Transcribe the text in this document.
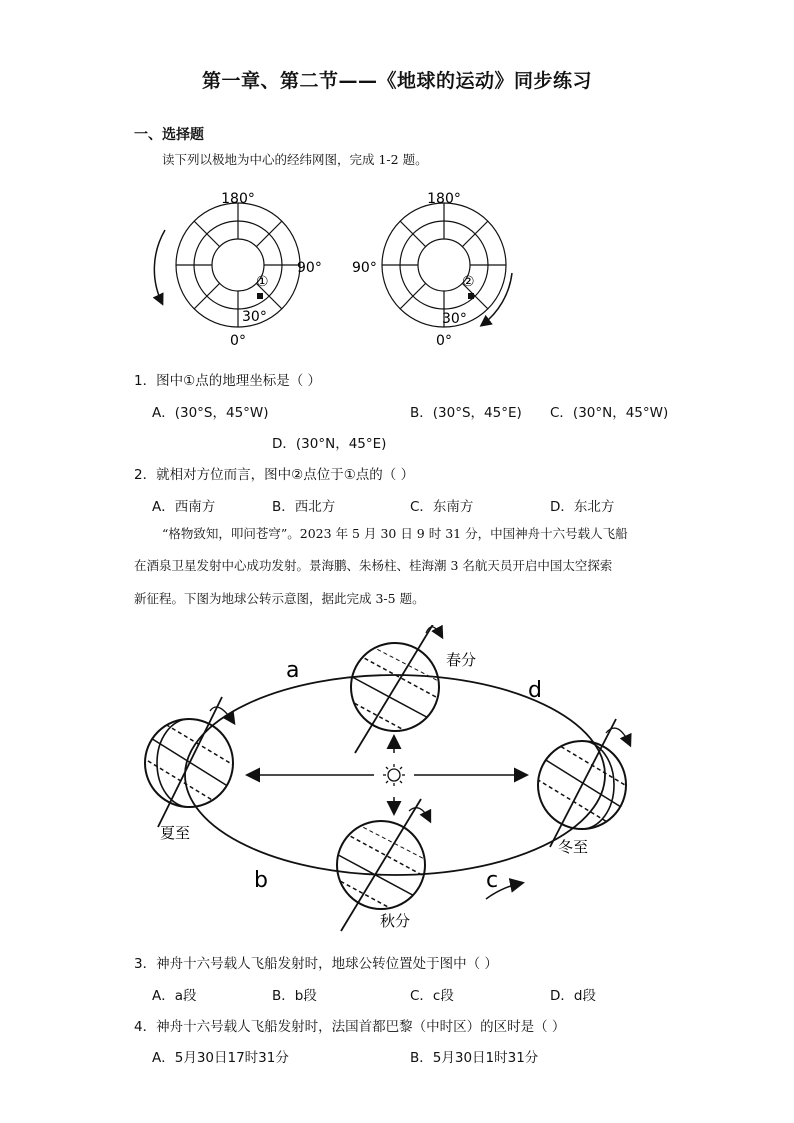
第一章、第二节——《地球的运动》同步练习
一、选择题
读下列以极地为中心的经纬网图，完成 1-2 题。
180°
0°
90°
30°
①
180°
0°
90°
30°
②
1．图中①点的地理坐标是（ ）
A．(30°S，45°W)	B．(30°S，45°E) C．(30°N，45°W)
D．(30°N，45°E)
2．就相对方位而言，图中②点位于①点的（ ）
A．西南方	B．西北方	C．东南方	D．东北方
“格物致知，叩问苍穹”。2023 年 5 月 30 日 9 时 31 分，中国神舟十六号载人飞船
在酒泉卫星发射中心成功发射。景海鹏、朱杨柱、桂海潮 3 名航天员开启中国太空探索
新征程。下图为地球公转示意图，据此完成 3-5 题。
a
b	c
d
春分
夏至
秋分
冬至
3．神舟十六号载人飞船发射时，地球公转位置处于图中（ ）
A．a段	B．b段	C．c段	D．d段
4．神舟十六号载人飞船发射时，法国首都巴黎（中时区）的区时是（ ）
A．5月30日17时31分	B．5月30日1时31分
